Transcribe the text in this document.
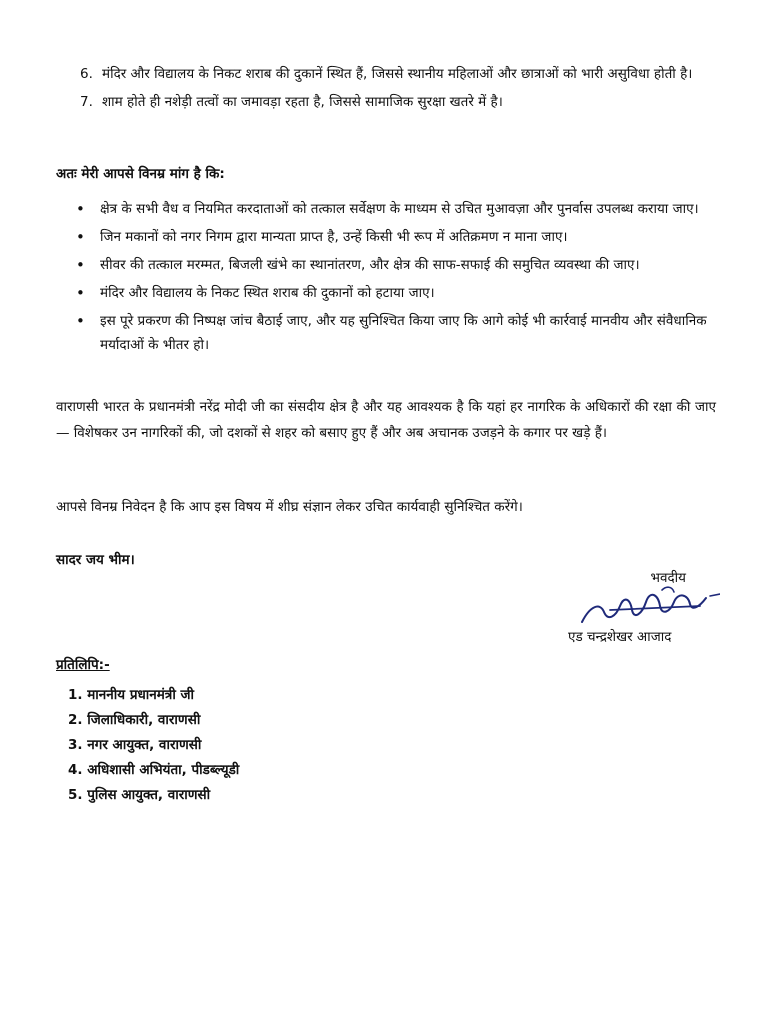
6. मंदिर और विद्यालय के निकट शराब की दुकानें स्थित हैं, जिससे स्थानीय महिलाओं और छात्राओं को भारी असुविधा होती है।
7. शाम होते ही नशेड़ी तत्वों का जमावड़ा रहता है, जिससे सामाजिक सुरक्षा खतरे में है।
अतः मेरी आपसे विनम्र मांग है कि:
• क्षेत्र के सभी वैध व नियमित करदाताओं को तत्काल सर्वेक्षण के माध्यम से उचित मुआवज़ा और पुनर्वास उपलब्ध कराया जाए।
• जिन मकानों को नगर निगम द्वारा मान्यता प्राप्त है, उन्हें किसी भी रूप में अतिक्रमण न माना जाए।
• सीवर की तत्काल मरम्मत, बिजली खंभे का स्थानांतरण, और क्षेत्र की साफ-सफाई की समुचित व्यवस्था की जाए।
• मंदिर और विद्यालय के निकट स्थित शराब की दुकानों को हटाया जाए।
• इस पूरे प्रकरण की निष्पक्ष जांच बैठाई जाए, और यह सुनिश्चित किया जाए कि आगे कोई भी कार्रवाई मानवीय और संवैधानिक मर्यादाओं के भीतर हो।

वाराणसी भारत के प्रधानमंत्री नरेंद्र मोदी जी का संसदीय क्षेत्र है और यह आवश्यक है कि यहां हर नागरिक के अधिकारों की रक्षा की जाए — विशेषकर उन नागरिकों की, जो दशकों से शहर को बसाए हुए हैं और अब अचानक उजड़ने के कगार पर खड़े हैं।

आपसे विनम्र निवेदन है कि आप इस विषय में शीघ्र संज्ञान लेकर उचित कार्यवाही सुनिश्चित करेंगे।

सादर जय भीम।
भवदीय
एड चन्द्रशेखर आजाद
प्रतिलिपि:-
1. माननीय प्रधानमंत्री जी
2. जिलाधिकारी, वाराणसी
3. नगर आयुक्त, वाराणसी
4. अधिशासी अभियंता, पीडब्ल्यूडी
5. पुलिस आयुक्त, वाराणसी
